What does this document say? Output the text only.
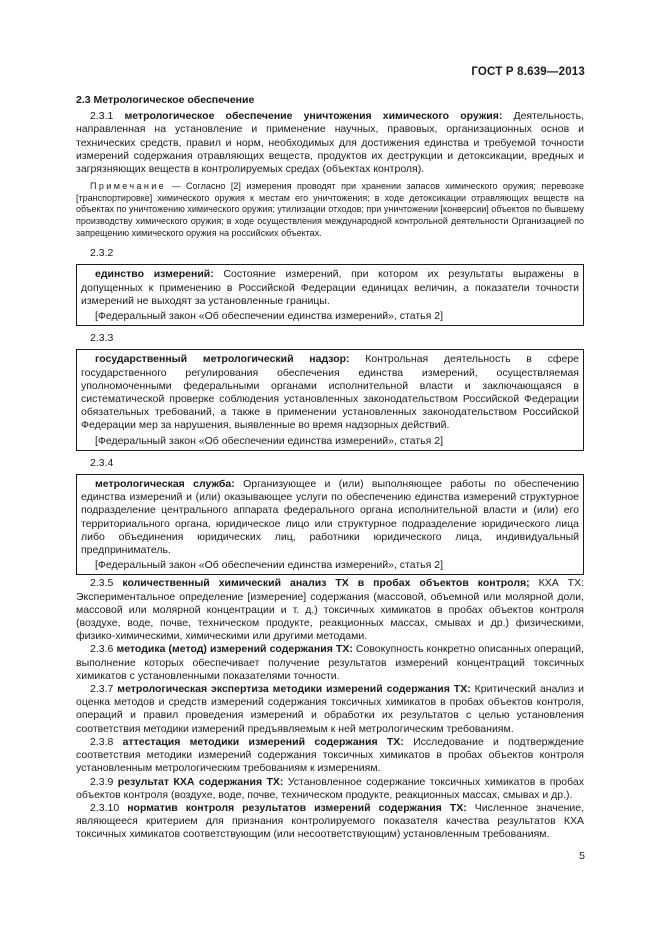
ГОСТ Р 8.639—2013

2.3 Метрологическое обеспечение

2.3.1 метрологическое обеспечение уничтожения химического оружия: Деятельность, направленная на установление и применение научных, правовых, организационных основ и технических средств, правил и норм, необходимых для достижения единства и требуемой точности измерений содержания отравляющих веществ, продуктов их деструкции и детоксикации, вредных и загрязняющих веществ в контролируемых средах (объектах контроля).

Примечание — Согласно [2] измерения проводят при хранении запасов химического оружия; перевозке [транспортировке] химического оружия к местам его уничтожения; в ходе детоксикации отравляющих веществ на объектах по уничтожению химического оружия; утилизации отходов; при уничтожении [конверсии] объектов по бывшему производству химического оружия; в ходе осуществления международной контрольной деятельности Организацией по запрещению химического оружия на российских объектах.

2.3.2

единство измерений: Состояние измерений, при котором их результаты выражены в допущенных к применению в Российской Федерации единицах величин, а показатели точности измерений не выходят за установленные границы.

[Федеральный закон «Об обеспечении единства измерений», статья 2]

2.3.3

государственный метрологический надзор: Контрольная деятельность в сфере государственного регулирования обеспечения единства измерений, осуществляемая уполномоченными федеральными органами исполнительной власти и заключающаяся в систематической проверке соблюдения установленных законодательством Российской Федерации обязательных требований, а также в применении установленных законодательством Российской Федерации мер за нарушения, выявленные во время надзорных действий.

[Федеральный закон «Об обеспечении единства измерений», статья 2]

2.3.4

метрологическая служба: Организующее и (или) выполняющее работы по обеспечению единства измерений и (или) оказывающее услуги по обеспечению единства измерений структурное подразделение центрального аппарата федерального органа исполнительной власти и (или) его территориального органа, юридическое лицо или структурное подразделение юридического лица либо объединения юридических лиц, работники юридического лица, индивидуальный предприниматель.

[Федеральный закон «Об обеспечении единства измерений», статья 2]

2.3.5 количественный химический анализ ТХ в пробах объектов контроля; КХА ТХ: Экспериментальное определение [измерение] содержания (массовой, объемной или молярной доли, массовой или молярной концентрации и т. д.) токсичных химикатов в пробах объектов контроля (воздухе, воде, почве, техническом продукте, реакционных массах, смывах и др.) физическими, физико-химическими, химическими или другими методами.

2.3.6 методика (метод) измерений содержания ТХ: Совокупность конкретно описанных операций, выполнение которых обеспечивает получение результатов измерений концентраций токсичных химикатов с установленными показателями точности.

2.3.7 метрологическая экспертиза методики измерений содержания ТХ: Критический анализ и оценка методов и средств измерений содержания токсичных химикатов в пробах объектов контроля, операций и правил проведения измерений и обработки их результатов с целью установления соответствия методики измерений предъявляемым к ней метрологическим требованиям.

2.3.8 аттестация методики измерений содержания ТХ: Исследование и подтверждение соответствия методики измерений содержания токсичных химикатов в пробах объектов контроля установленным метрологическим требованиям к измерениям.

2.3.9 результат КХА содержания ТХ: Установленное содержание токсичных химикатов в пробах объектов контроля (воздухе, воде, почве, техническом продукте, реакционных массах, смывах и др.).

2.3.10 норматив контроля результатов измерений содержания ТХ: Численное значение, являющееся критерием для признания контролируемого показателя качества результатов КХА токсичных химикатов соответствующим (или несоответствующим) установленным требованиям.

5
